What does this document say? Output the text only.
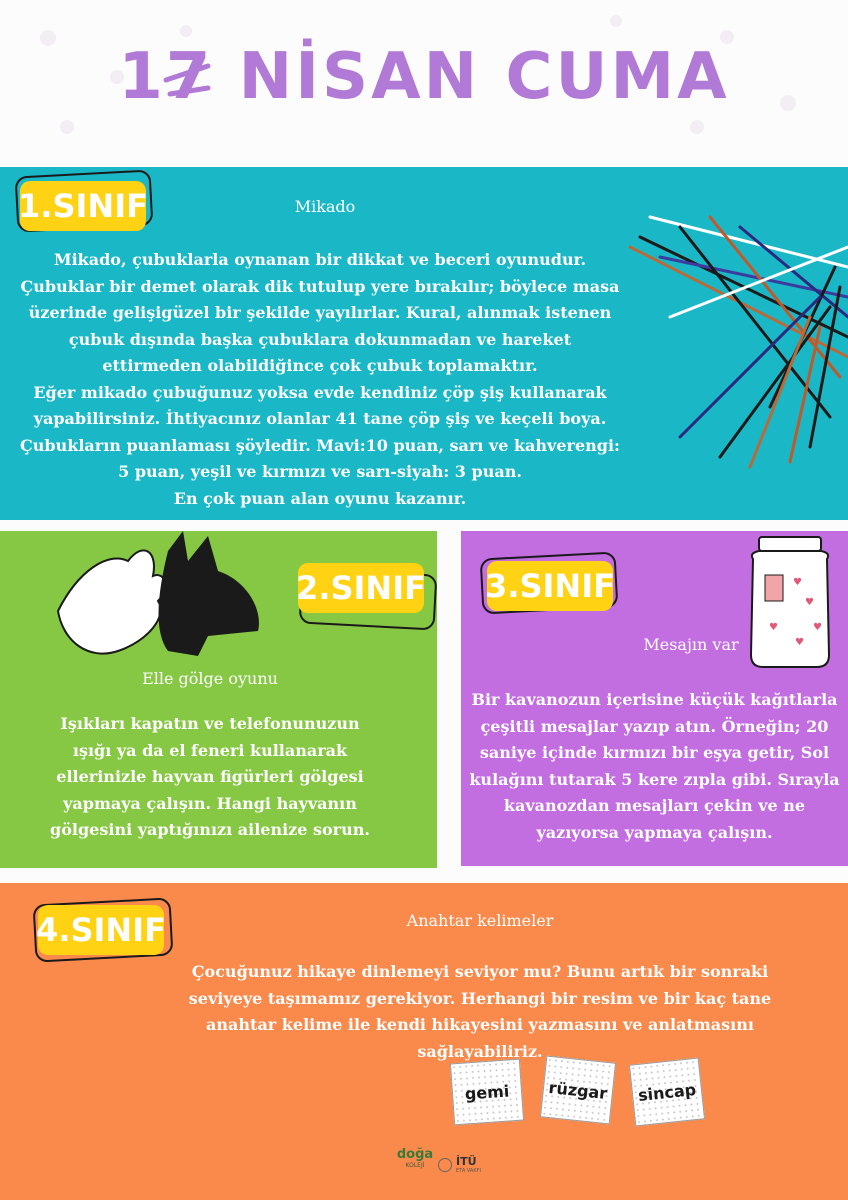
17 NİSAN CUMA
1.SINIF	Mikado
Mikado, çubuklarla oynanan bir dikkat ve beceri oyunudur. Çubuklar bir demet olarak dik tutulup yere bırakılır; böylece masa üzerinde gelişigüzel bir şekilde yayılırlar. Kural, alınmak istenen çubuk dışında başka çubuklara dokunmadan ve hareket ettirmeden olabildiğince çok çubuk toplamaktır.
Eğer mikado çubuğunuz yoksa evde kendiniz çöp şiş kullanarak yapabilirsiniz. İhtiyacınız olanlar 41 tane çöp şiş ve keçeli boya. Çubukların puanlaması şöyledir. Mavi:10 puan, sarı ve kahverengi: 5 puan, yeşil ve kırmızı ve sarı-siyah: 3 puan.
En çok puan alan oyunu kazanır.
2.SINIF
Elle gölge oyunu
Işıkları kapatın ve telefonunuzun ışığı ya da el feneri kullanarak ellerinizle hayvan figürleri gölgesi yapmaya çalışın. Hangi hayvanın gölgesini yaptığınızı ailenize sorun.
3.SINIF	♥
♥
♥
♥
♥
Mesajın var
Bir kavanozun içerisine küçük kağıtlarla çeşitli mesajlar yazıp atın. Örneğin; 20 saniye içinde kırmızı bir eşya getir, Sol kulağını tutarak 5 kere zıpla gibi. Sırayla kavanozdan mesajları çekin ve ne yazıyorsa yapmaya çalışın.
4.SINIF	Anahtar kelimeler
Çocuğunuz hikaye dinlemeyi seviyor mu? Bunu artık bir sonraki seviyeye taşımamız gerekiyor. Herhangi bir resim ve bir kaç tane anahtar kelime ile kendi hikayesini yazmasını ve anlatmasını sağlayabiliriz.
gemi	rüzgar	sincap
doğa
KOLEJİ	İTÜ
ETA VAKFI
